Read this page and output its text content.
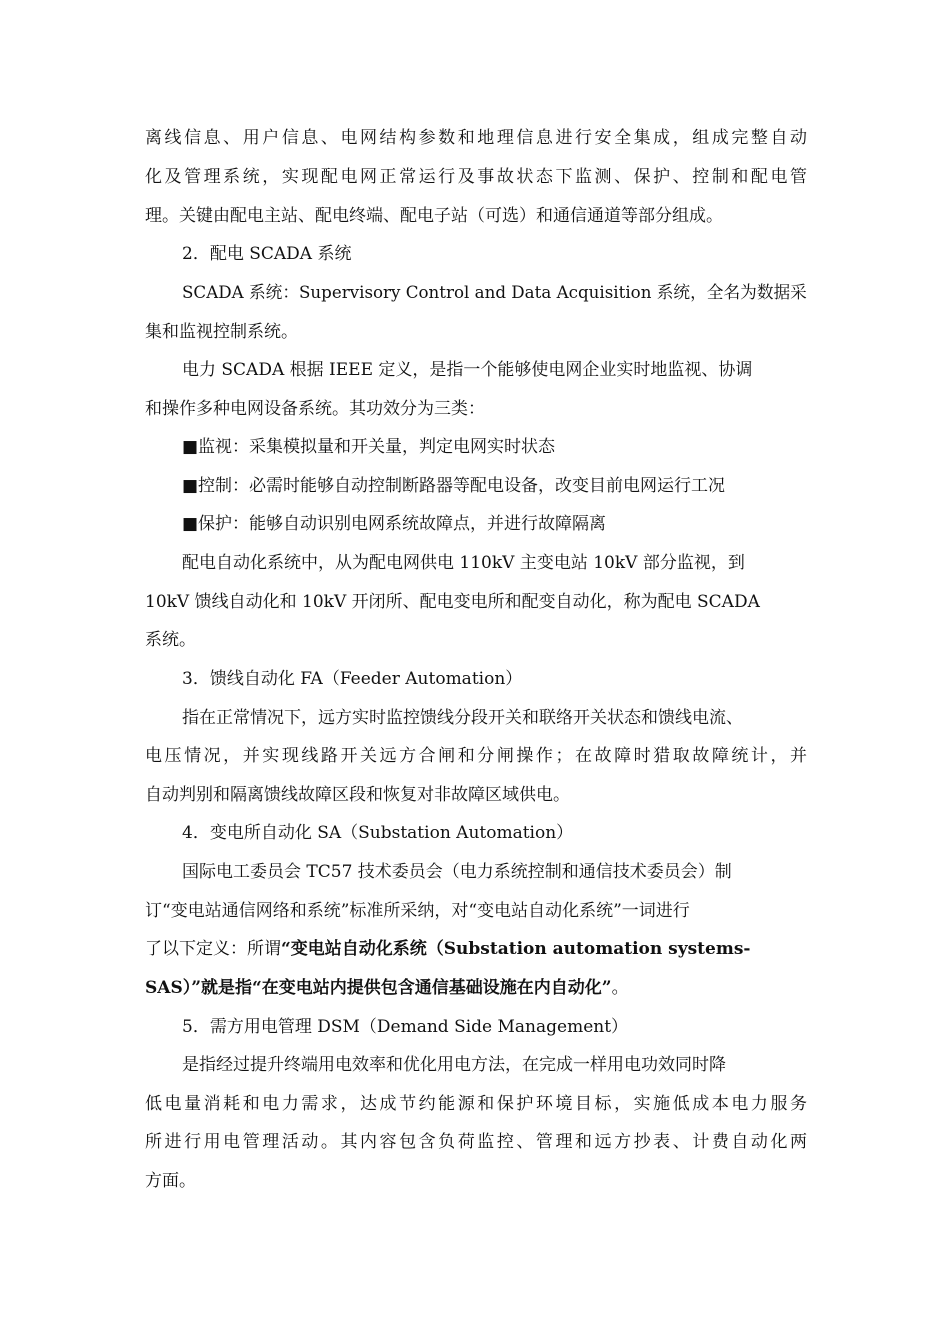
离线信息、用户信息、电网结构参数和地理信息进行安全集成，组成完整自动
化及管理系统，实现配电网正常运行及事故状态下监测、保护、控制和配电管
理。关键由配电主站、配电终端、配电子站（可选）和通信通道等部分组成。
2．配电 SCADA 系统
SCADA 系统：Supervisory Control and Data Acquisition 系统，全名为数据采
集和监视控制系统。
电力 SCADA 根据 IEEE 定义，是指一个能够使电网企业实时地监视、协调
和操作多种电网设备系统。其功效分为三类：
■监视：采集模拟量和开关量，判定电网实时状态
■控制：必需时能够自动控制断路器等配电设备，改变目前电网运行工况
■保护：能够自动识别电网系统故障点，并进行故障隔离
配电自动化系统中，从为配电网供电 110kV 主变电站 10kV 部分监视，到
10kV 馈线自动化和 10kV 开闭所、配电变电所和配变自动化，称为配电 SCADA
系统。
3．馈线自动化 FA（Feeder Automation）
指在正常情况下，远方实时监控馈线分段开关和联络开关状态和馈线电流、
电压情况，并实现线路开关远方合闸和分闸操作；在故障时猎取故障统计，并
自动判别和隔离馈线故障区段和恢复对非故障区域供电。
4．变电所自动化 SA（Substation Automation）
国际电工委员会 TC57 技术委员会（电力系统控制和通信技术委员会）制
订“变电站通信网络和系统”标准所采纳，对“变电站自动化系统”一词进行
了以下定义：所谓“变电站自动化系统（Substation automation systems-
SAS）”就是指“在变电站内提供包含通信基础设施在内自动化”。
5．需方用电管理 DSM（Demand Side Management）
是指经过提升终端用电效率和优化用电方法，在完成一样用电功效同时降
低电量消耗和电力需求，达成节约能源和保护环境目标，实施低成本电力服务
所进行用电管理活动。其内容包含负荷监控、管理和远方抄表、计费自动化两
方面。
